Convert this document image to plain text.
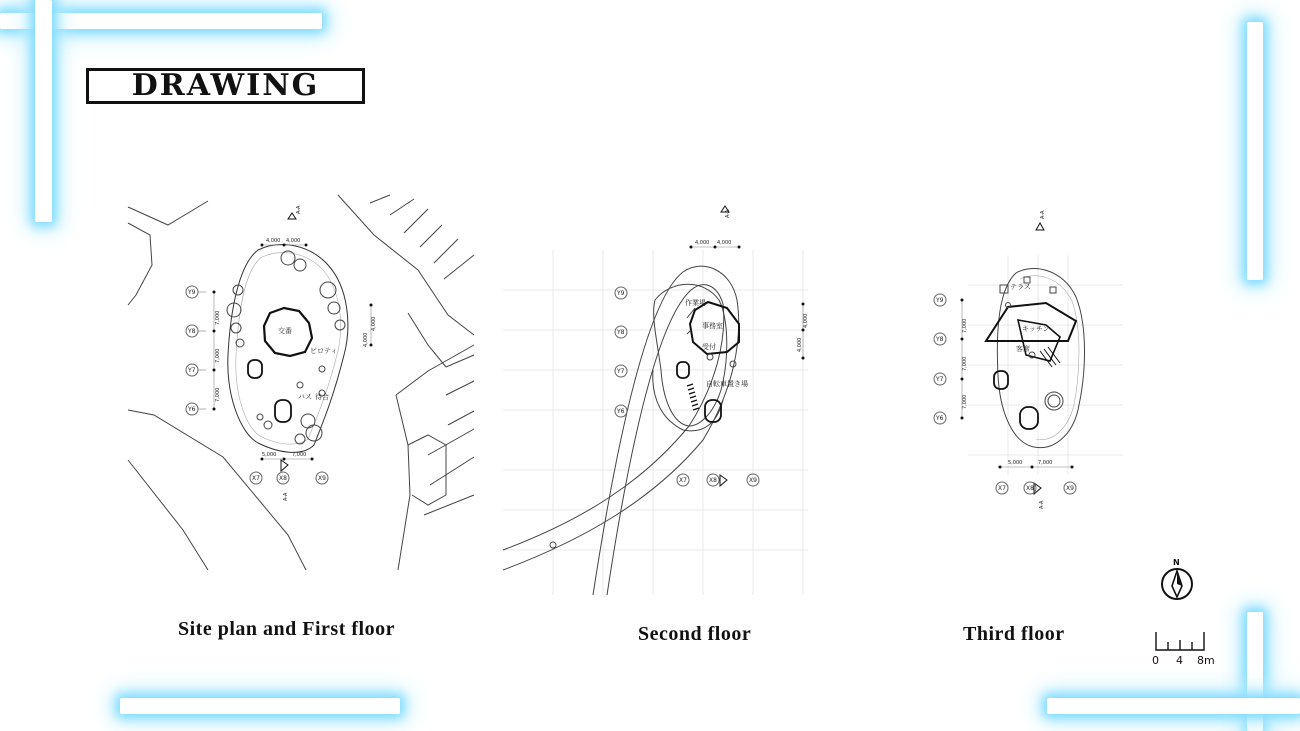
DRAWING
A-A
4,000 4,000
7,000
7,000
7,000
4,000
4,000
5,000	7,000
A-A
Y9
Y8
Y7
Y6
X7	X8	X9
交番
ピロティ
バス 待合
A-A
4,000 4,000
4,000
4,000
Y9
Y8
Y7
Y6
X7	X8	X9
作業場
事務室
受付
自転車置き場
A-A
7,000
7,000
7,000
5,000	7,000
A-A
Y9
Y8
Y7
Y6
X7	X8	X9
テラス
キッチン
客席
Site plan and First floor	Second floor	Third floor
N
0 4 8m
